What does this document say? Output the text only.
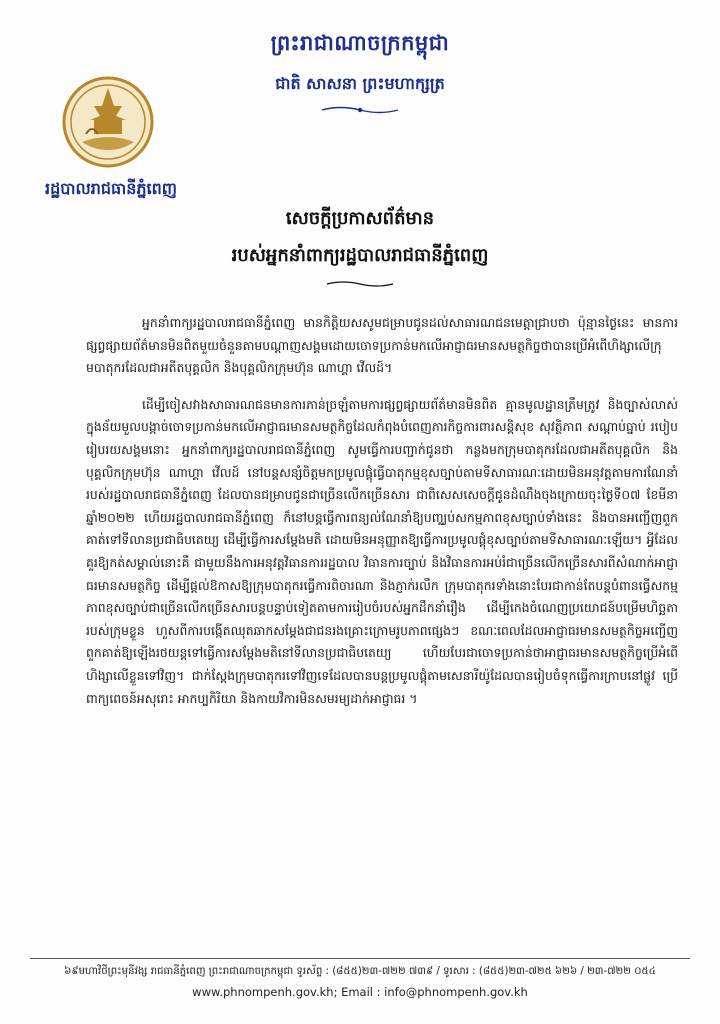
ព្រះរាជាណាចក្រកម្ពុជា
ជាតិ សាសនា ព្រះមហាក្សត្រ
រដ្ឋបាលរាជធានីភ្នំពេញ
សេចក្តីប្រកាសព័ត៌មាន
របស់អ្នកនាំពាក្យរដ្ឋបាលរាជធានីភ្នំពេញ

អ្នកនាំពាក្យរដ្ឋបាលរាជធានីភ្នំពេញ មានកិត្តិយសសូមជម្រាបជូនដល់សាធារណជនមេត្តាជ្រាបថា ប៉ុន្មានថ្ងៃនេះ មានការផ្សព្វផ្សាយព័ត៌មានមិនពិតមួយចំនួនតាមបណ្តាញសង្គមដោយចោទប្រកាន់មកលើអាជ្ញាធរមានសមត្ថកិច្ចថាបានប្រើអំពើហិង្សាលើក្រុមបាតុករដែលជាអតីតបុគ្គលិក និងបុគ្គលិកក្រុមហ៊ុន ណាហ្គា វើលដ៍។

ដើម្បីចៀសវាងសាធារណជនមានការភាន់ច្រឡំតាមការផ្សព្វផ្សាយព័ត៌មានមិនពិត គ្មានមូលដ្ឋានត្រឹមត្រូវ និងច្បាស់លាស់ ក្នុងន័យមួលបង្កាច់ចោទប្រកាន់មកលើអាជ្ញាធរមានសមត្ថកិច្ចដែលកំពុងបំពេញភារកិច្ចការពារសន្តិសុខ សុវត្ថិភាព សណ្តាប់ធ្នាប់ របៀបរៀបរយសង្គមនោះ អ្នកនាំពាក្យរដ្ឋបាលរាជធានីភ្នំពេញ សូមធ្វើការបញ្ជាក់ជូនថា កន្លងមកក្រុមបាតុករដែលជាអតីតបុគ្គលិក និងបុគ្គលិកក្រុមហ៊ុន ណាហ្គា វើលដ៍ នៅបន្តសន្សំចិត្តមកប្រមូលផ្តុំធ្វើបាតុកម្មខុសច្បាប់តាមទីសាធារណៈដោយមិនអនុវត្តតាមការណែនាំរបស់រដ្ឋបាលរាជធានីភ្នំពេញ ដែលបានជម្រាបជូនជាច្រើនលើកច្រើនសារ ជាពិសេសសេចក្តីជូនដំណឹងចុងក្រោយចុះថ្ងៃទី០៧ ខែមីនា ឆ្នាំ២០២២ ហើយរដ្ឋបាលរាជធានីភ្នំពេញ ក៏នៅបន្តធ្វើការពន្យល់ណែនាំឱ្យបញ្ឈប់សកម្មភាពខុសច្បាប់ទាំងនេះ និងបានអញ្ជើញពួកគាត់ទៅទីលានប្រជាធិបតេយ្យ ដើម្បីធ្វើការសម្តែងមតិ ដោយមិនអនុញ្ញាតឱ្យធ្វើការប្រមូលផ្តុំខុសច្បាប់តាមទីសាធារណៈឡើយ។ អ្វីដែលគួរឱ្យកត់សម្គាល់នោះគឺ ជាមួយនឹងការអនុវត្តវិធានការរដ្ឋបាល វិធានការច្បាប់ និងវិធានការអប់រំជាច្រើនលើកច្រើនសារពីសំណាក់អាជ្ញាធរមានសមត្ថកិច្ច ដើម្បីផ្តល់ឱកាសឱ្យក្រុមបាតុករធ្វើការពិចារណា និងភ្ញាក់រលឹក ក្រុមបាតុករទាំងនោះបែរជាកាន់តែបន្តបំពានធ្វើសកម្មភាពខុសច្បាប់ជាច្រើនលើកច្រើនសារបន្តបន្ទាប់ទៀតតាមការរៀបចំរបស់អ្នកដឹកនាំរឿង ដើម្បីកេងចំណេញប្រយោជន៍បម្រើមហិច្ឆតារបស់ក្រុមខ្លួន ហួសពីការបង្កើតឈុតឆាកសម្តែងជាជនរងគ្រោះក្រោមរូបភាពផ្សេងៗ ខណៈពេលដែលអាជ្ញាធរមានសមត្ថកិច្ចអញ្ជើញពួកគាត់ឱ្យឡើងរថយន្តទៅធ្វើការសម្តែងមតិនៅទីលានប្រជាធិបតេយ្យ ហើយបែរជាចោទប្រកាន់ថាអាជ្ញាធរមានសមត្ថកិច្ចប្រើអំពើហិង្សាលើខ្លួនទៅវិញ។ ជាក់ស្តែងក្រុមបាតុករទៅវិញទេដែលបានបន្តប្រមូលផ្តុំតាមសេនារីយ៉ូដែលបានរៀបចំទុកធ្វើការក្រាបនៅផ្លូវ ប្រើពាក្យពេចន៍អសុរោះ អាកប្បកិរិយា និងកាយវិការមិនសមរម្យដាក់អាជ្ញាធរ ។

៦៩មហាវិថីព្រះមុនីវង្ស រាជធានីភ្នំពេញ ព្រះរាជាណាចក្រកម្ពុជា ទូរស័ព្ទ : (៨៥៥)២៣-៧២២ ៧៣៩ / ទូរសារ : (៨៥៥)២៣-៧២៥ ៦២៦ / ២៣-៧២២ ០៥៤
www.phnompenh.gov.kh; Email : info@phnompenh.gov.kh
